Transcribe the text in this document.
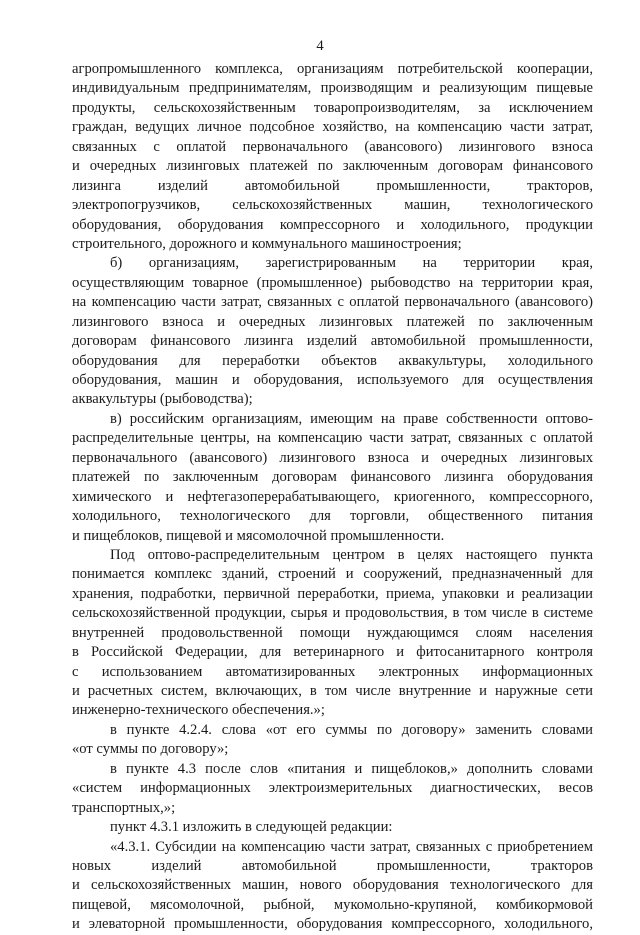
4
агропромышленного комплекса, организациям потребительской кооперации,
индивидуальным предпринимателям, производящим и реализующим пищевые
продукты, сельскохозяйственным товаропроизводителям, за исключением
граждан, ведущих личное подсобное хозяйство, на компенсацию части затрат,
связанных с оплатой первоначального (авансового) лизингового взноса
и очередных лизинговых платежей по заключенным договорам финансового
лизинга изделий автомобильной промышленности, тракторов,
электропогрузчиков, сельскохозяйственных машин, технологического
оборудования, оборудования компрессорного и холодильного, продукции
строительного, дорожного и коммунального машиностроения;
б) организациям, зарегистрированным на территории края,
осуществляющим товарное (промышленное) рыбоводство на территории края,
на компенсацию части затрат, связанных с оплатой первоначального (авансового)
лизингового взноса и очередных лизинговых платежей по заключенным
договорам финансового лизинга изделий автомобильной промышленности,
оборудования для переработки объектов аквакультуры, холодильного
оборудования, машин и оборудования, используемого для осуществления
аквакультуры (рыбоводства);
в) российским организациям, имеющим на праве собственности оптово-
распределительные центры, на компенсацию части затрат, связанных с оплатой
первоначального (авансового) лизингового взноса и очередных лизинговых
платежей по заключенным договорам финансового лизинга оборудования
химического и нефтегазоперерабатывающего, криогенного, компрессорного,
холодильного, технологического для торговли, общественного питания
и пищеблоков, пищевой и мясомолочной промышленности.
Под оптово-распределительным центром в целях настоящего пункта
понимается комплекс зданий, строений и сооружений, предназначенный для
хранения, подработки, первичной переработки, приема, упаковки и реализации
сельскохозяйственной продукции, сырья и продовольствия, в том числе в системе
внутренней продовольственной помощи нуждающимся слоям населения
в Российской Федерации, для ветеринарного и фитосанитарного контроля
с использованием автоматизированных электронных информационных
и расчетных систем, включающих, в том числе внутренние и наружные сети
инженерно-технического обеспечения.»;
в пункте 4.2.4. слова «от его суммы по договору» заменить словами
«от суммы по договору»;
в пункте 4.3 после слов «питания и пищеблоков,» дополнить словами
«систем информационных электроизмерительных диагностических, весов
транспортных,»;
пункт 4.3.1 изложить в следующей редакции:
«4.3.1. Субсидии на компенсацию части затрат, связанных с приобретением
новых изделий автомобильной промышленности, тракторов
и сельскохозяйственных машин, нового оборудования технологического для
пищевой, мясомолочной, рыбной, мукомольно-крупяной, комбикормовой
и элеваторной промышленности, оборудования компрессорного, холодильного,
